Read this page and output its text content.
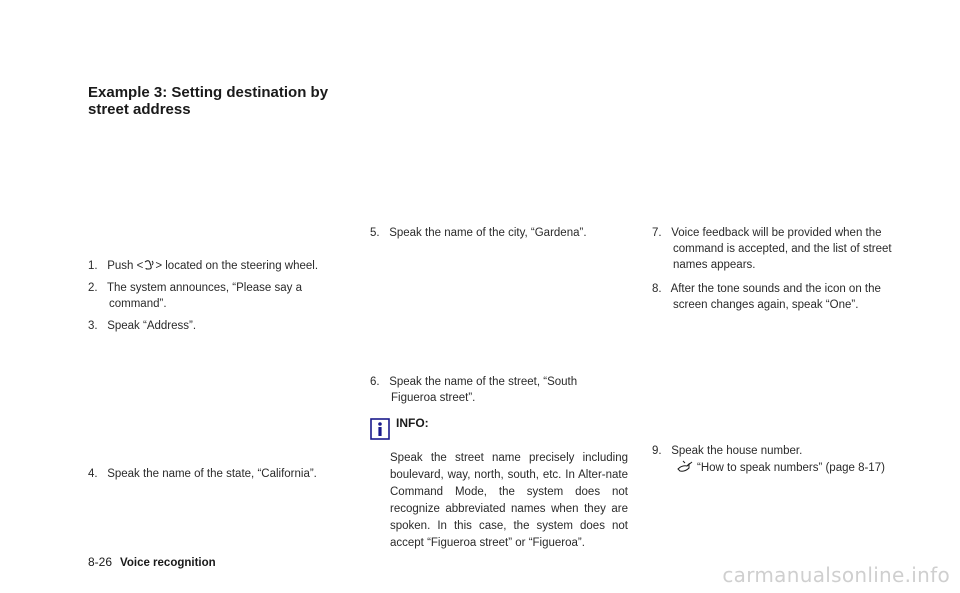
Example 3: Setting destination by street address
1. Push < > located on the steering wheel.
2. The system announces, “Please say a
command”.
3. Speak “Address”.
4. Speak the name of the state, “California”.
5. Speak the name of the city, “Gardena”.
6. Speak the name of the street, “South
Figueroa street”.
INFO:
Speak the street name precisely including boulevard, way, north, south, etc. In Alter-nate Command Mode, the system does not recognize abbreviated names when they are spoken. In this case, the system does not accept “Figueroa street” or “Figueroa”.
7. Voice feedback will be provided when the
command is accepted, and the list of street
names appears.
8. After the tone sounds and the icon on the
screen changes again, speak “One”.
9. Speak the house number.
“How to speak numbers” (page 8-17)
8-26 Voice recognition	carmanualsonline.info
